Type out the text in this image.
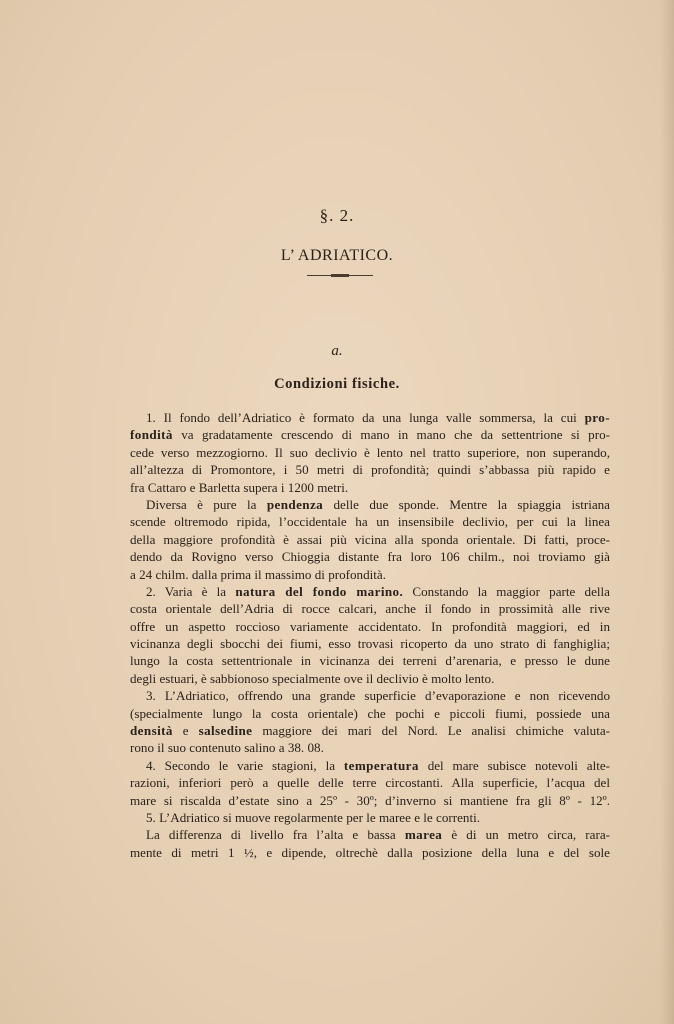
§. 2.
L’ ADRIATICO.
a.
Condizioni fisiche.
1. Il fondo dell’Adriatico è formato da una lunga valle sommersa, la cui pro-
fondità va gradatamente crescendo di mano in mano che da settentrione si pro-
cede verso mezzogiorno. Il suo declivio è lento nel tratto superiore, non superando,
all’altezza di Promontore, i 50 metri di profondità; quindi s’abbassa più rapido e
fra Cattaro e Barletta supera i 1200 metri.
Diversa è pure la pendenza delle due sponde. Mentre la spiaggia istriana
scende oltremodo ripida, l’occidentale ha un insensibile declivio, per cui la linea
della maggiore profondità è assai più vicina alla sponda orientale. Di fatti, proce-
dendo da Rovigno verso Chioggia distante fra loro 106 chilm., noi troviamo già
a 24 chilm. dalla prima il massimo di profondità.
2. Varia è la natura del fondo marino. Constando la maggior parte della
costa orientale dell’Adria di rocce calcari, anche il fondo in prossimità alle rive
offre un aspetto roccioso variamente accidentato. In profondità maggiori, ed in
vicinanza degli sbocchi dei fiumi, esso trovasi ricoperto da uno strato di fanghiglia;
lungo la costa settentrionale in vicinanza dei terreni d’arenaria, e presso le dune
degli estuari, è sabbionoso specialmente ove il declivio è molto lento.
3. L’Adriatico, offrendo una grande superficie d’evaporazione e non ricevendo
(specialmente lungo la costa orientale) che pochi e piccoli fiumi, possiede una
densità e salsedine maggiore dei mari del Nord. Le analisi chimiche valuta-
rono il suo contenuto salino a 38. 08.
4. Secondo le varie stagioni, la temperatura del mare subisce notevoli alte-
razioni, inferiori però a quelle delle terre circostanti. Alla superficie, l’acqua del
mare si riscalda d’estate sino a 25º - 30º; d’inverno si mantiene fra gli 8º - 12º.
5. L’Adriatico si muove regolarmente per le maree e le correnti.
La differenza di livello fra l’alta e bassa marea è di un metro circa, rara-
mente di metri 1 ½, e dipende, oltrechè dalla posizione della luna e del sole
